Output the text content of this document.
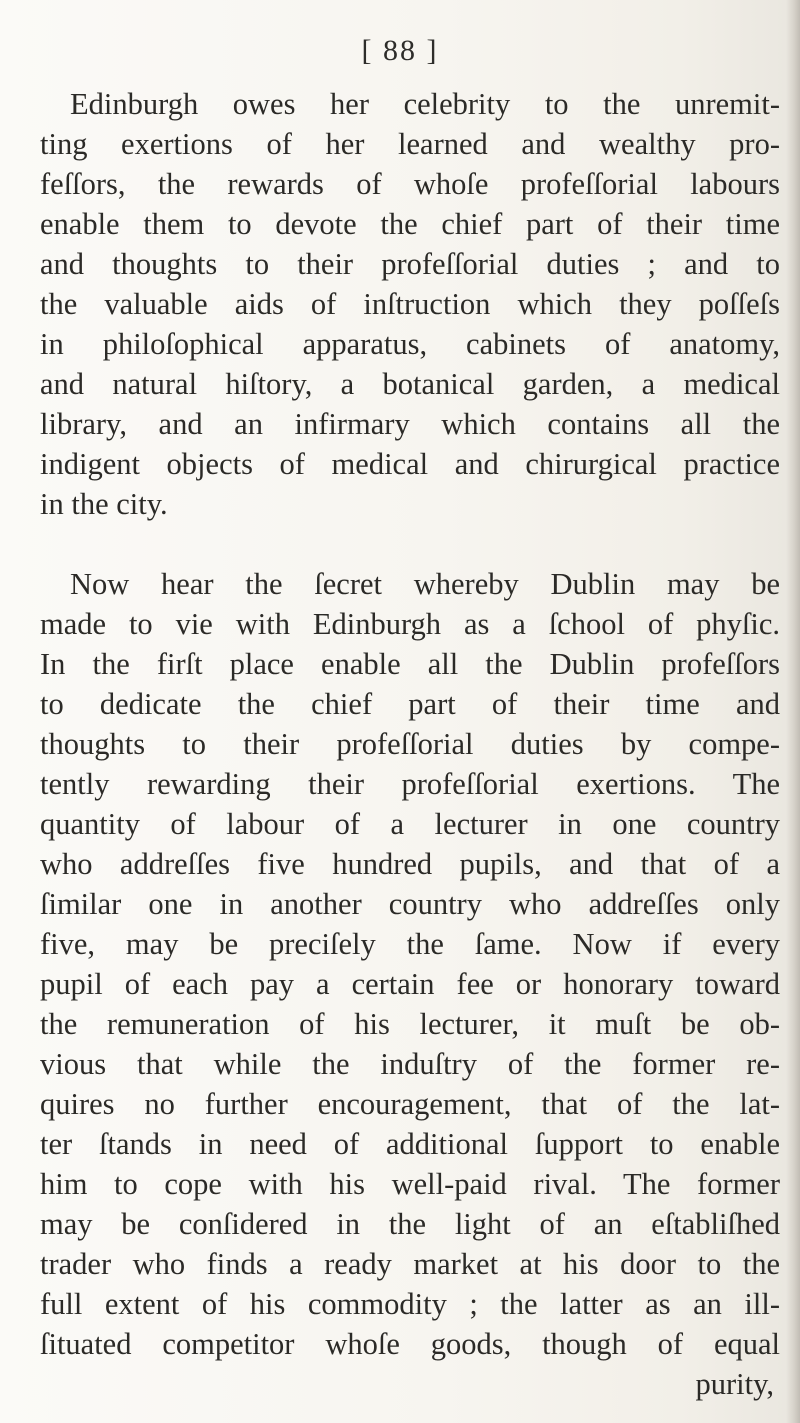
[ 88 ]
Edinburgh owes her celebrity to the unremit-
ting exertions of her learned and wealthy pro-
feſſors, the rewards of whoſe profeſſorial labours
enable them to devote the chief part of their time
and thoughts to their profeſſorial duties ; and to
the valuable aids of inſtruction which they poſſeſs
in philoſophical apparatus, cabinets of anatomy,
and natural hiſtory, a botanical garden, a medical
library, and an infirmary which contains all the
indigent objects of medical and chirurgical practice
in the city.
Now hear the ſecret whereby Dublin may be
made to vie with Edinburgh as a ſchool of phyſic.
In the firſt place enable all the Dublin profeſſors
to dedicate the chief part of their time and
thoughts to their profeſſorial duties by compe-
tently rewarding their profeſſorial exertions. The
quantity of labour of a lecturer in one country
who addreſſes five hundred pupils, and that of a
ſimilar one in another country who addreſſes only
five, may be preciſely the ſame. Now if every
pupil of each pay a certain fee or honorary toward
the remuneration of his lecturer, it muſt be ob-
vious that while the induſtry of the former re-
quires no further encouragement, that of the lat-
ter ſtands in need of additional ſupport to enable
him to cope with his well-paid rival. The former
may be conſidered in the light of an eſtabliſhed
trader who finds a ready market at his door to the
full extent of his commodity ; the latter as an ill-
ſituated competitor whoſe goods, though of equal
purity,
